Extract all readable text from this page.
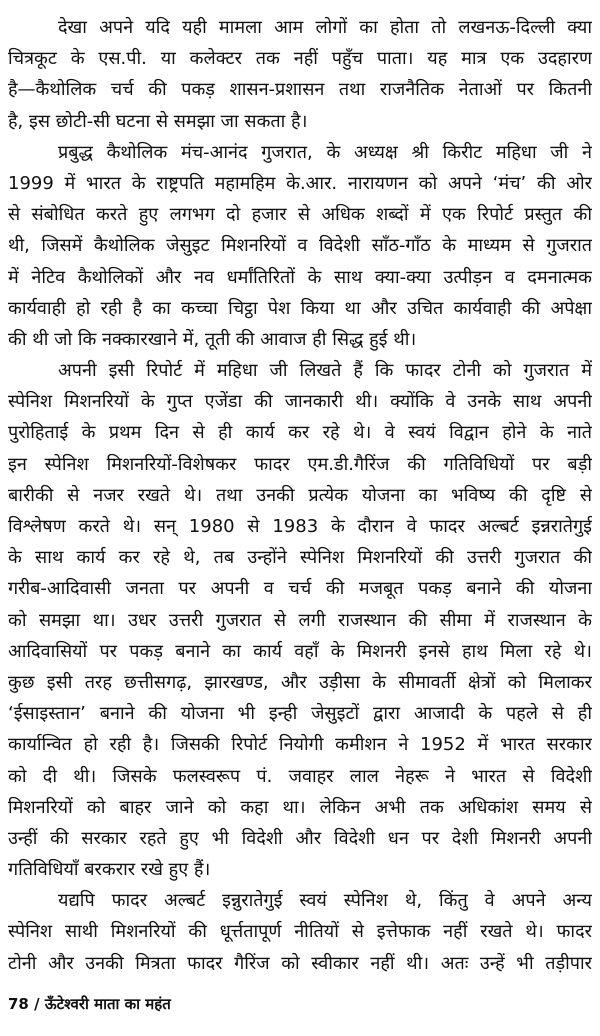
देखा अपने यदि यही मामला आम लोगों का होता तो लखनऊ-दिल्ली क्या
चित्रकूट के एस.पी. या कलेक्टर तक नहीं पहुँच पाता। यह मात्र एक उदहारण
है—कैथोलिक चर्च की पकड़ शासन-प्रशासन तथा राजनैतिक नेताओं पर कितनी
है, इस छोटी-सी घटना से समझा जा सकता है।
प्रबुद्ध कैथोलिक मंच-आनंद गुजरात, के अध्यक्ष श्री किरीट महिधा जी ने
1999 में भारत के राष्ट्रपति महामहिम के.आर. नारायणन को अपने ‘मंच’ की ओर
से संबोधित करते हुए लगभग दो हजार से अधिक शब्दों में एक रिपोर्ट प्रस्तुत की
थी, जिसमें कैथोलिक जेसुइट मिशनरियों व विदेशी साँठ-गाँठ के माध्यम से गुजरात
में नेटिव कैथोलिकों और नव धर्मांतिरितों के साथ क्या-क्या उत्पीड़न व दमनात्मक
कार्यवाही हो रही है का कच्चा चिट्ठा पेश किया था और उचित कार्यवाही की अपेक्षा
की थी जो कि नक्कारखाने में, तूती की आवाज ही सिद्ध हुई थी।
अपनी इसी रिपोर्ट में महिधा जी लिखते हैं कि फादर टोनी को गुजरात में
स्पेनिश मिशनरियों के गुप्त एजेंडा की जानकारी थी। क्योंकि वे उनके साथ अपनी
पुरोहिताई के प्रथम दिन से ही कार्य कर रहे थे। वे स्वयं विद्वान होने के नाते
इन स्पेनिश मिशनरियों-विशेषकर फादर एम.डी.गैरिंज की गतिविधियों पर बड़ी
बारीकी से नजर रखते थे। तथा उनकी प्रत्येक योजना का भविष्य की दृष्टि से
विश्लेषण करते थे। सन् 1980 से 1983 के दौरान वे फादर अल्बर्ट इन्नरातेगुई
के साथ कार्य कर रहे थे, तब उन्होंने स्पेनिश मिशनरियों की उत्तरी गुजरात की
गरीब-आदिवासी जनता पर अपनी व चर्च की मजबूत पकड़ बनाने की योजना
को समझा था। उधर उत्तरी गुजरात से लगी राजस्थान की सीमा में राजस्थान के
आदिवासियों पर पकड़ बनाने का कार्य वहाँ के मिशनरी इनसे हाथ मिला रहे थे।
कुछ इसी तरह छत्तीसगढ़, झारखण्ड, और उड़ीसा के सीमावर्ती क्षेत्रों को मिलाकर
‘ईसाइस्तान’ बनाने की योजना भी इन्ही जेसुइटों द्वारा आजादी के पहले से ही
कार्यान्वित हो रही है। जिसकी रिपोर्ट नियोगी कमीशन ने 1952 में भारत सरकार
को दी थी। जिसके फलस्वरूप पं. जवाहर लाल नेहरू ने भारत से विदेशी
मिशनरियों को बाहर जाने को कहा था। लेकिन अभी तक अधिकांश समय से
उन्हीं की सरकार रहते हुए भी विदेशी और विदेशी धन पर देशी मिशनरी अपनी
गतिविधियाँ बरकरार रखे हुए हैं।
यद्यपि फादर अल्बर्ट इन्नुरातेगुई स्वयं स्पेनिश थे, किंतु वे अपने अन्य
स्पेनिश साथी मिशनरियों की धूर्त्ततापूर्ण नीतियों से इत्तेफाक नहीं रखते थे। फादर
टोनी और उनकी मित्रता फादर गैरिंज को स्वीकार नहीं थी। अतः उन्हें भी तड़ीपार
78 / ऊँटेश्वरी माता का महंत
